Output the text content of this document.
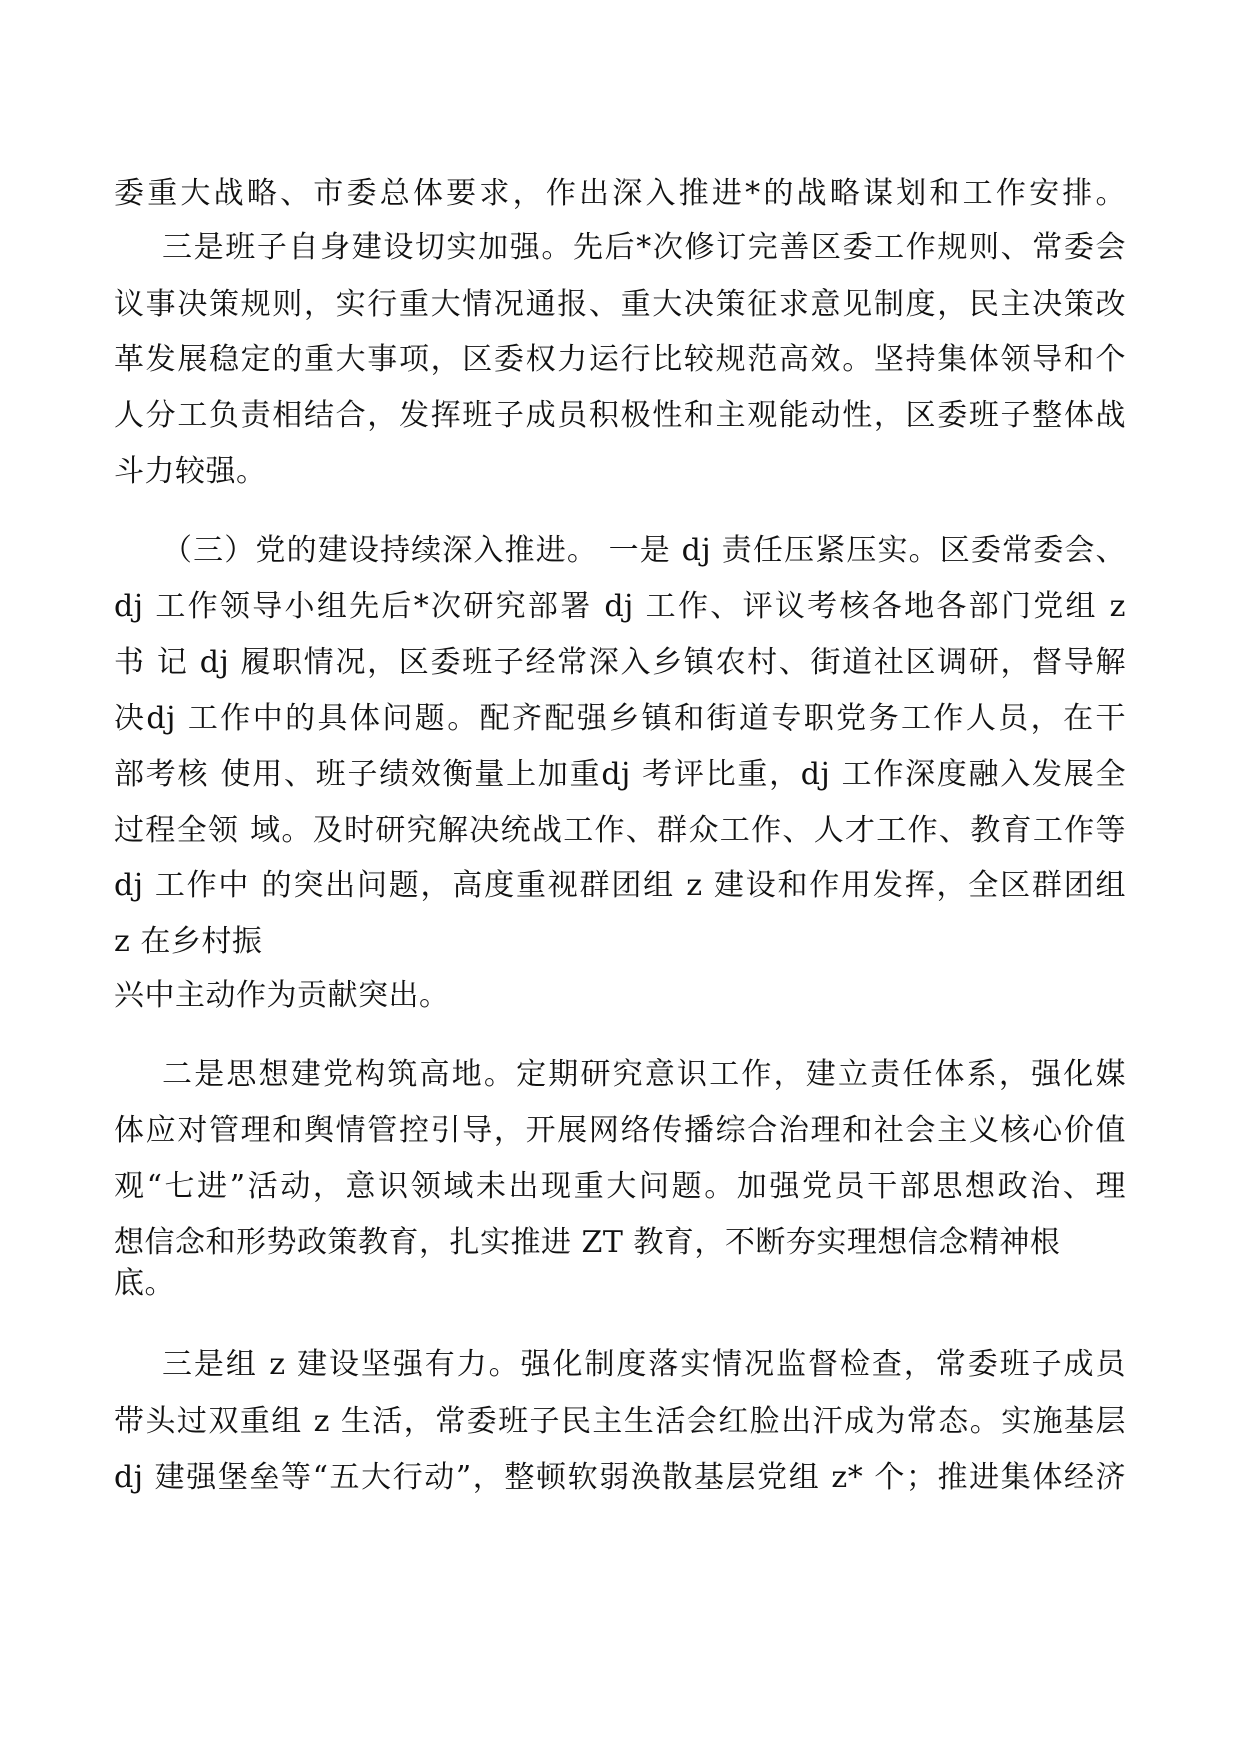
委重大战略、市委总体要求，作出深入推进*的战略谋划和工作安排。
三是班子自身建设切实加强。先后*次修订完善区委工作规则、常委会
议事决策规则，实行重大情况通报、重大决策征求意见制度，民主决策改
革发展稳定的重大事项，区委权力运行比较规范高效。坚持集体领导和个
人分工负责相结合，发挥班子成员积极性和主观能动性，区委班子整体战
斗力较强。
（三）党的建设持续深入推进。 一是 dj 责任压紧压实。区委常委会、
dj 工作领导小组先后*次研究部署 dj 工作、评议考核各地各部门党组 z
书 记 dj 履职情况，区委班子经常深入乡镇农村、街道社区调研，督导解
决dj 工作中的具体问题。配齐配强乡镇和街道专职党务工作人员，在干
部考核 使用、班子绩效衡量上加重dj 考评比重，dj 工作深度融入发展全
过程全领 域。及时研究解决统战工作、群众工作、人才工作、教育工作等
dj 工作中 的突出问题，高度重视群团组 z 建设和作用发挥，全区群团组
z 在乡村振
兴中主动作为贡献突出。
二是思想建党构筑高地。定期研究意识工作，建立责任体系，强化媒
体应对管理和舆情管控引导，开展网络传播综合治理和社会主义核心价值
观“七进”活动，意识领域未出现重大问题。加强党员干部思想政治、理
想信念和形势政策教育，扎实推进 ZT 教育，不断夯实理想信念精神根
底。
三是组 z 建设坚强有力。强化制度落实情况监督检查，常委班子成员
带头过双重组 z 生活，常委班子民主生活会红脸出汗成为常态。实施基层
dj 建强堡垒等“五大行动”，整顿软弱涣散基层党组 z* 个；推进集体经济
